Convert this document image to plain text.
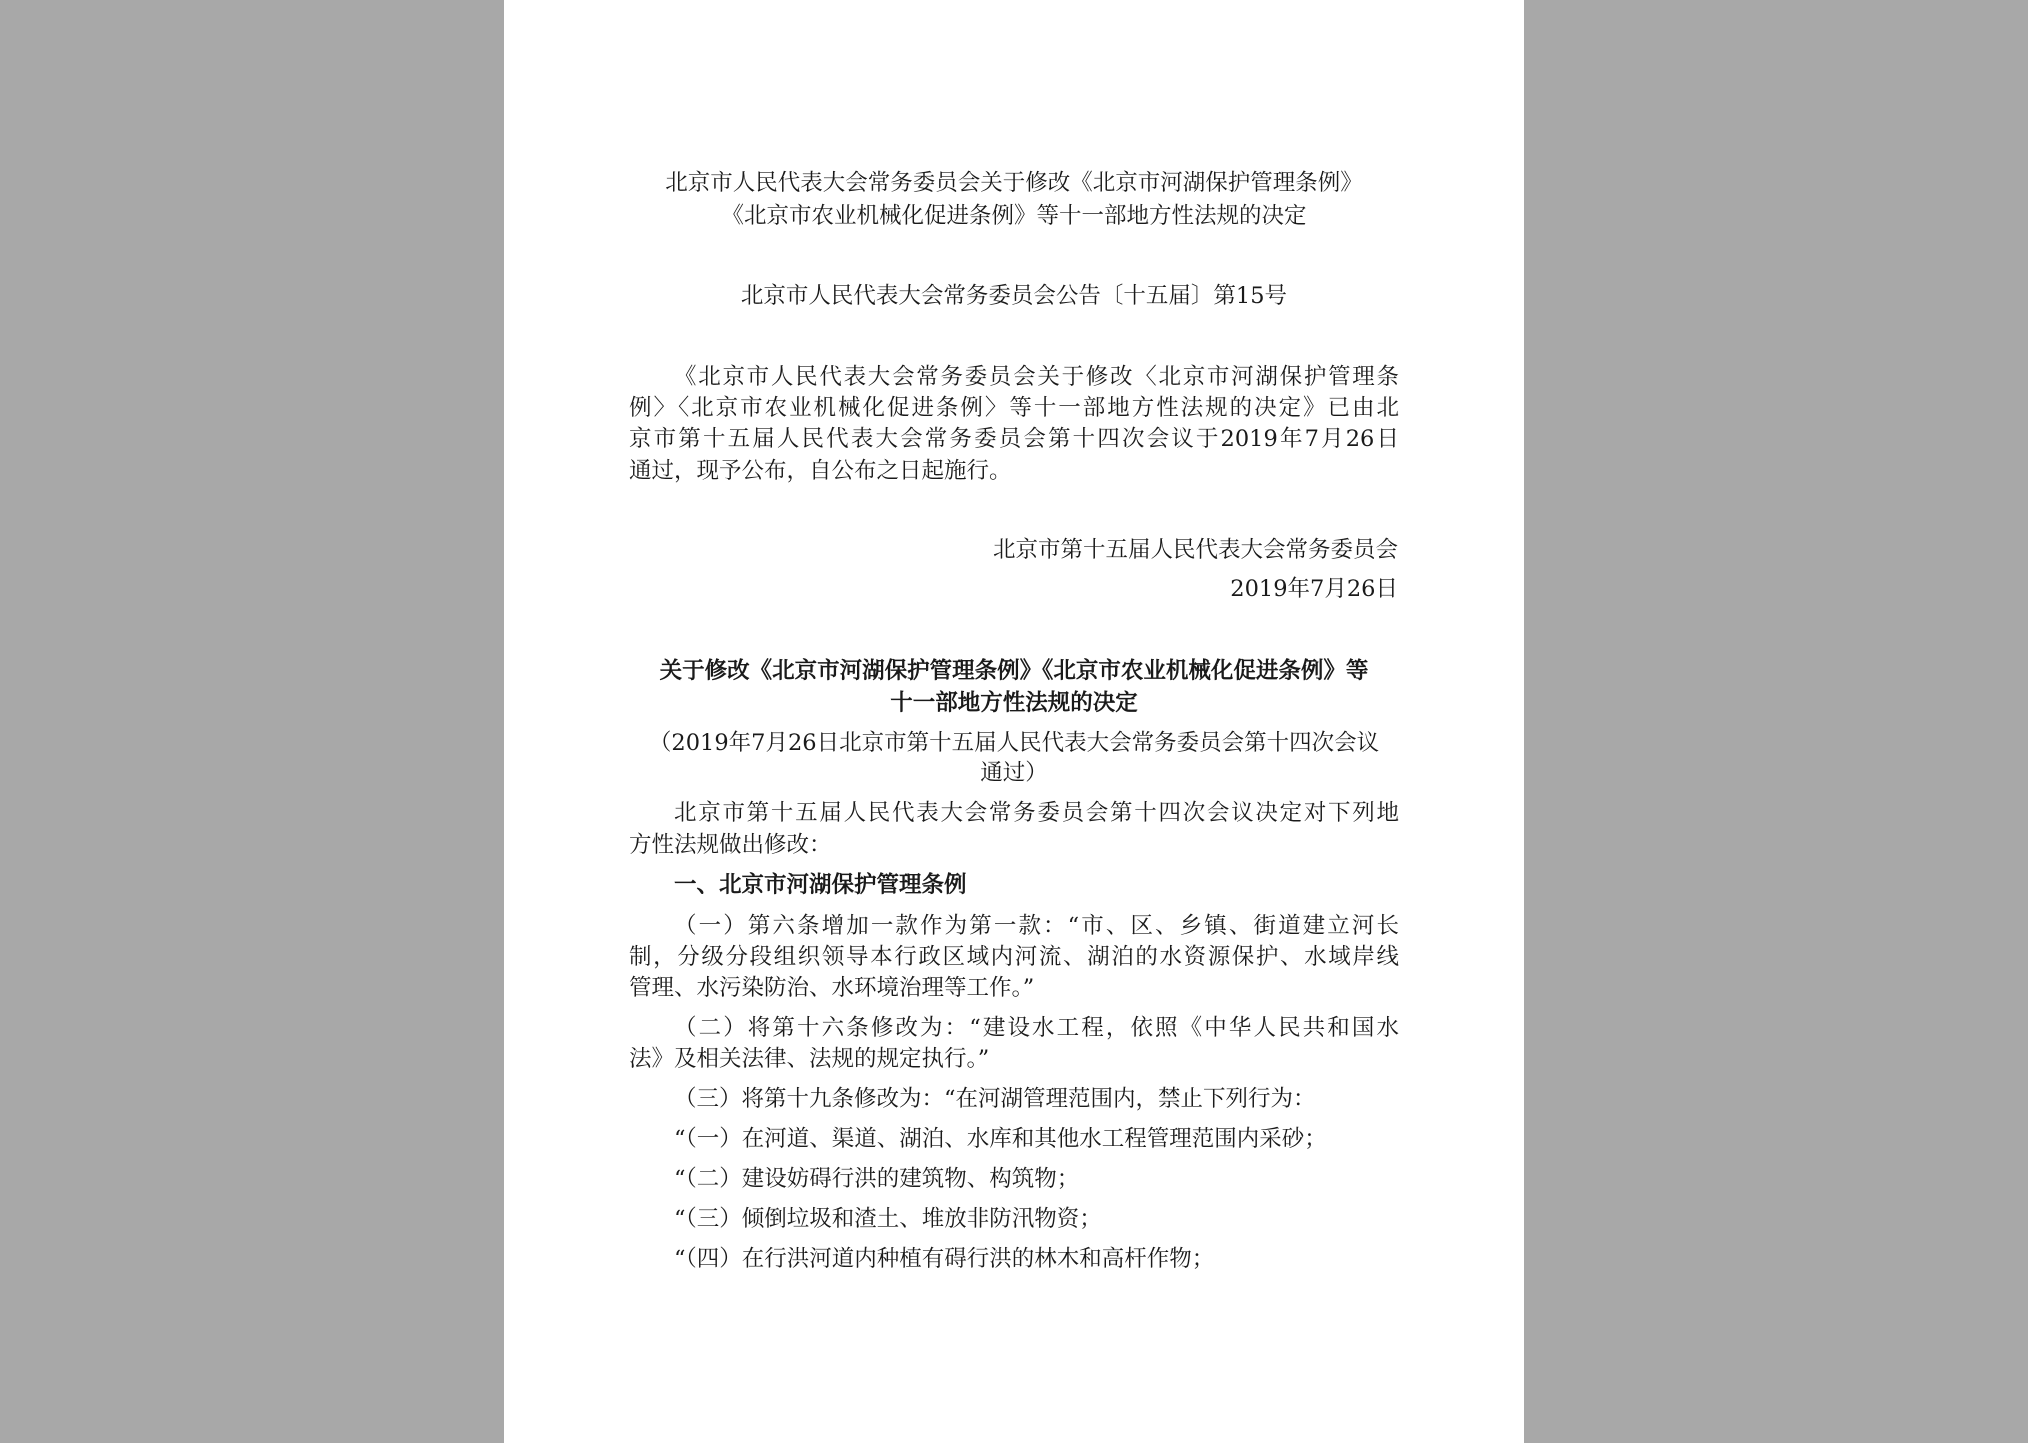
北京市人民代表大会常务委员会关于修改《北京市河湖保护管理条例》
《北京市农业机械化促进条例》等十一部地方性法规的决定
北京市人民代表大会常务委员会公告〔十五届〕第15号
《北京市人民代表大会常务委员会关于修改〈北京市河湖保护管理条
例〉〈北京市农业机械化促进条例〉等十一部地方性法规的决定》已由北
京市第十五届人民代表大会常务委员会第十四次会议于2019年7月26日
通过，现予公布，自公布之日起施行。
北京市第十五届人民代表大会常务委员会
2019年7月26日
关于修改《北京市河湖保护管理条例》《北京市农业机械化促进条例》等
十一部地方性法规的决定
（2019年7月26日北京市第十五届人民代表大会常务委员会第十四次会议
通过）
北京市第十五届人民代表大会常务委员会第十四次会议决定对下列地
方性法规做出修改：
一、北京市河湖保护管理条例
（一）第六条增加一款作为第一款：“市、区、乡镇、街道建立河长
制，分级分段组织领导本行政区域内河流、湖泊的水资源保护、水域岸线
管理、水污染防治、水环境治理等工作。”
（二）将第十六条修改为：“建设水工程，依照《中华人民共和国水
法》及相关法律、法规的规定执行。”
（三）将第十九条修改为：“在河湖管理范围内，禁止下列行为：
“（一）在河道、渠道、湖泊、水库和其他水工程管理范围内采砂；
“（二）建设妨碍行洪的建筑物、构筑物；
“（三）倾倒垃圾和渣土、堆放非防汛物资；
“（四）在行洪河道内种植有碍行洪的林木和高杆作物；
